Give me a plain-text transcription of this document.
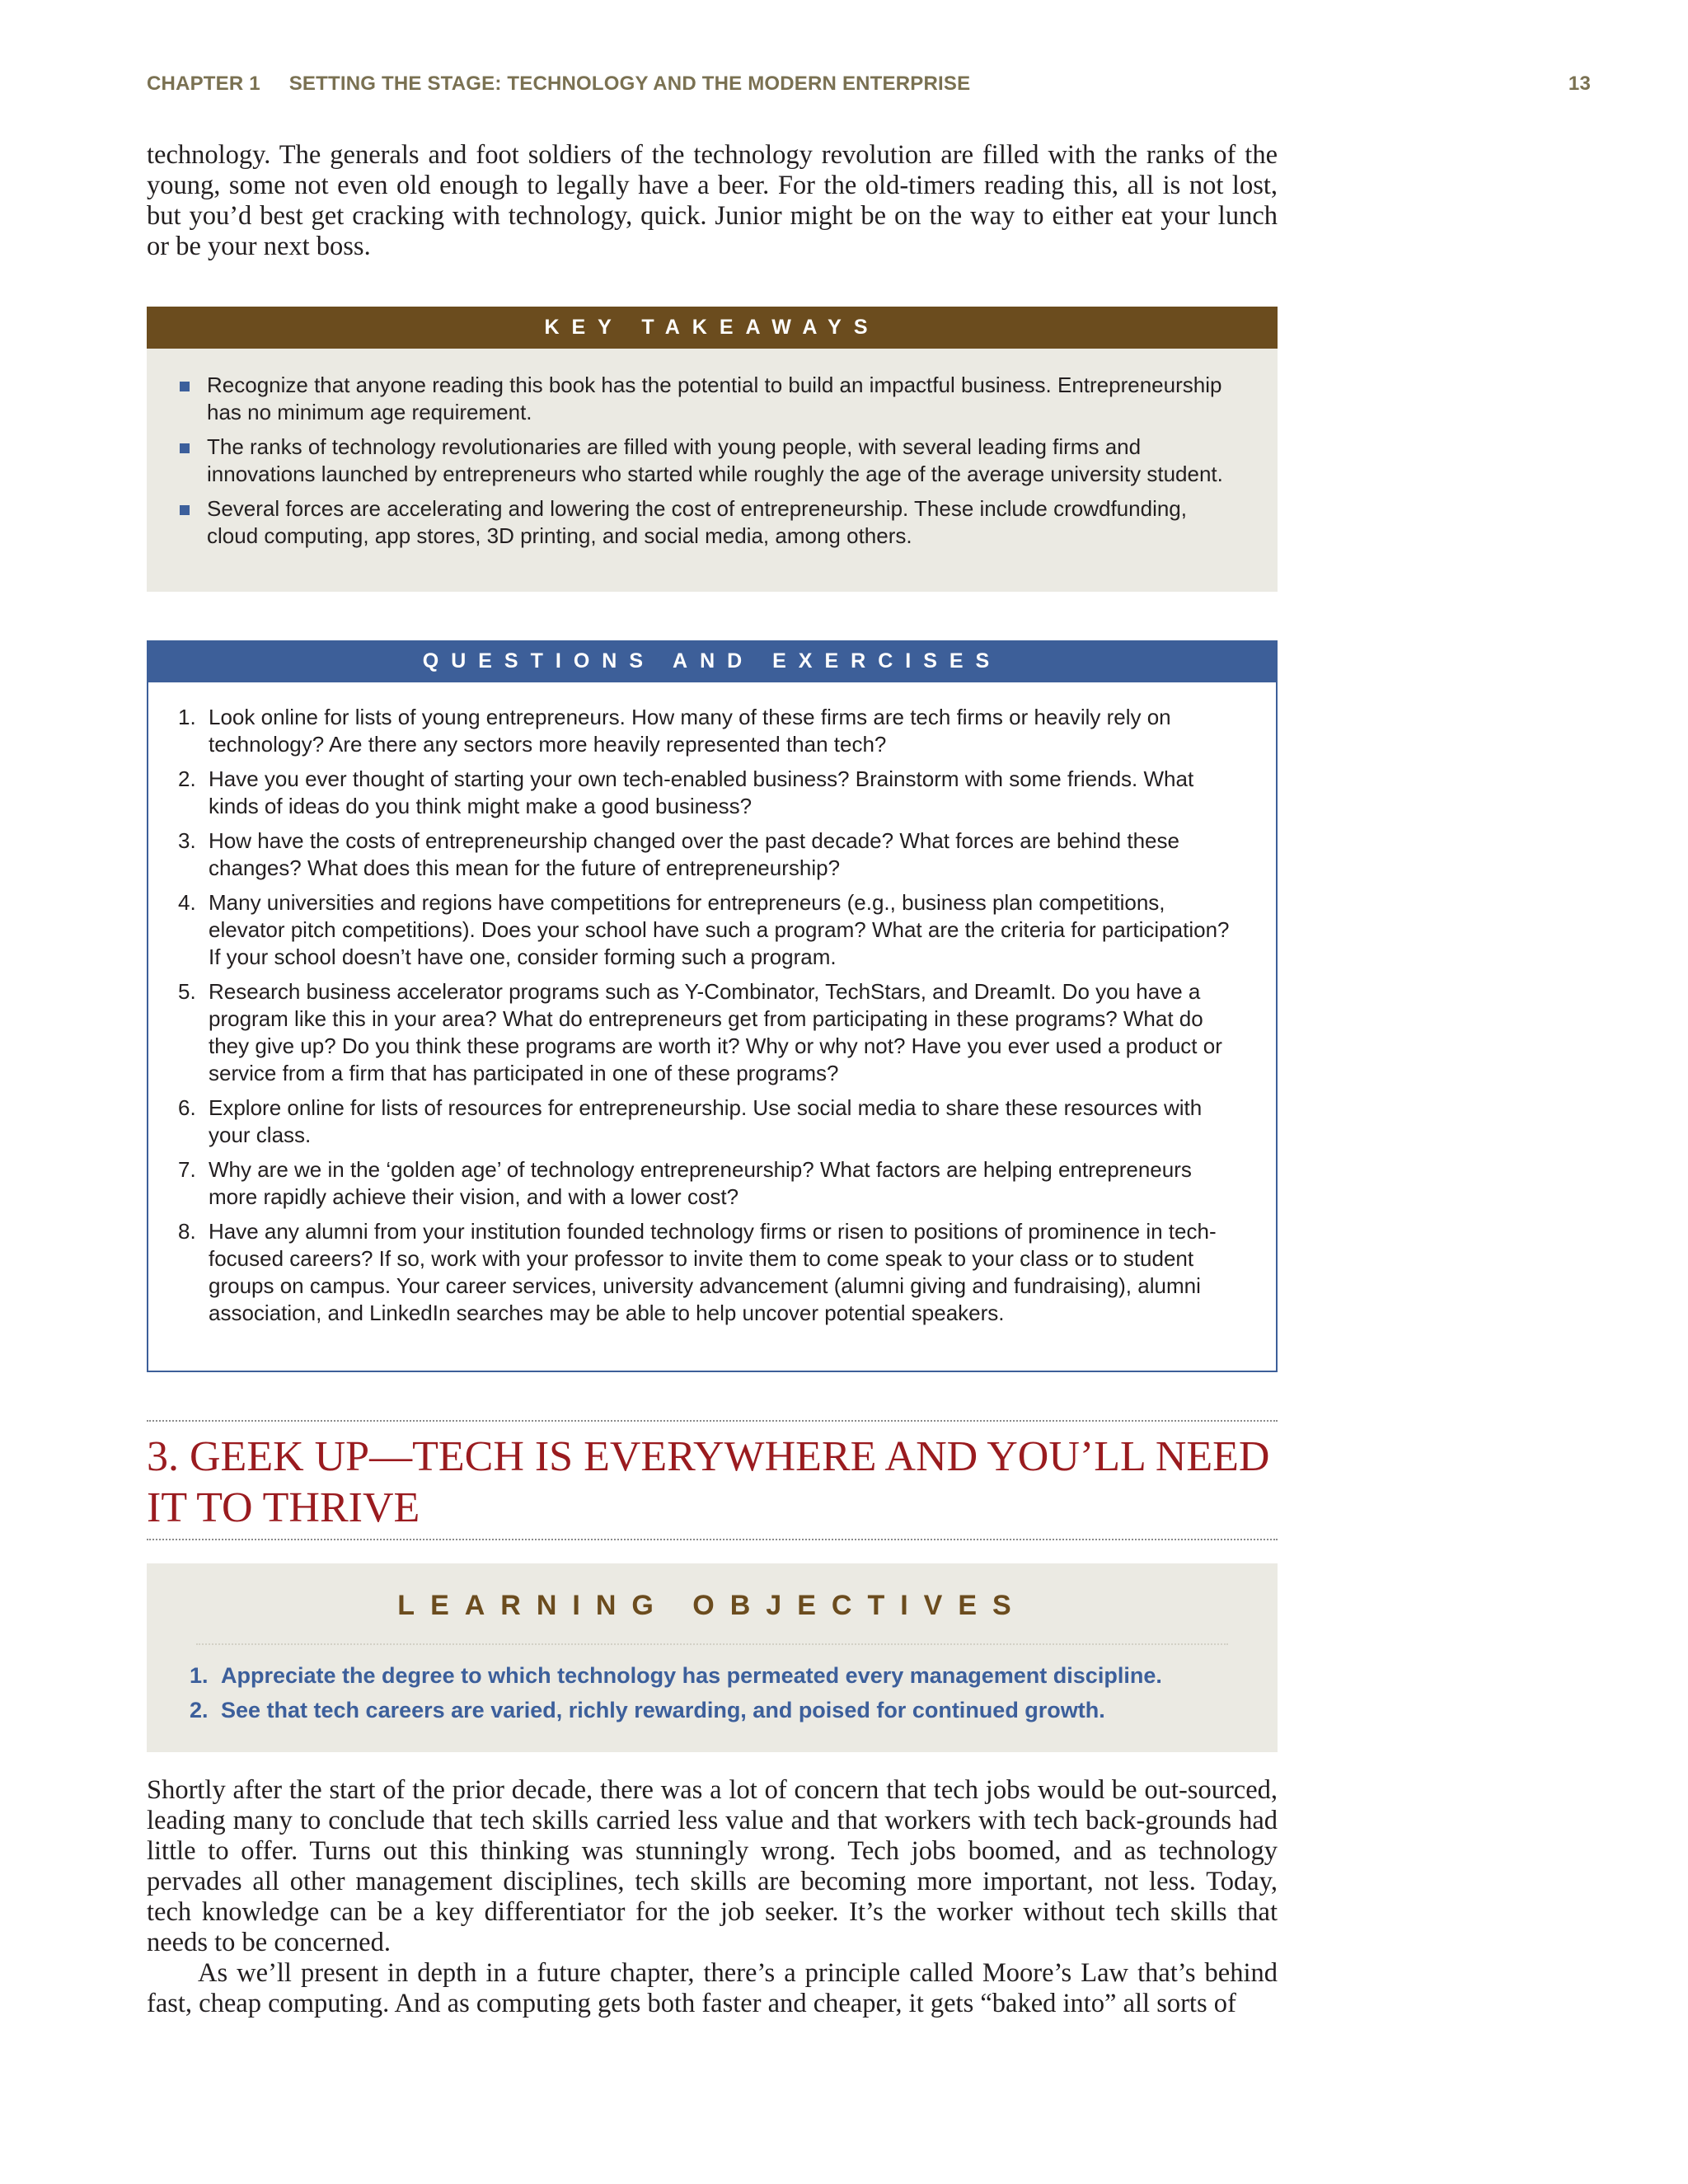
CHAPTER 1 SETTING THE STAGE: TECHNOLOGY AND THE MODERN ENTERPRISE	13

technology. The generals and foot soldiers of the technology revolution are filled with the ranks of the young, some not even old enough to legally have a beer. For the old-timers reading this, all is not lost, but you’d best get cracking with technology, quick. Junior might be on the way to either eat your lunch or be your next boss.

KEY TAKEAWAYS
Recognize that anyone reading this book has the potential to build an impactful business. Entrepreneurship has no minimum age requirement.
The ranks of technology revolutionaries are filled with young people, with several leading firms and innovations launched by entrepreneurs who started while roughly the age of the average university student.
Several forces are accelerating and lowering the cost of entrepreneurship. These include crowdfunding, cloud computing, app stores, 3D printing, and social media, among others.
QUESTIONS AND EXERCISES
1. Look online for lists of young entrepreneurs. How many of these firms are tech firms or heavily rely on technology? Are there any sectors more heavily represented than tech?
2. Have you ever thought of starting your own tech-enabled business? Brainstorm with some friends. What kinds of ideas do you think might make a good business?
3. How have the costs of entrepreneurship changed over the past decade? What forces are behind these changes? What does this mean for the future of entrepreneurship?
4. Many universities and regions have competitions for entrepreneurs (e.g., business plan competitions, elevator pitch competitions). Does your school have such a program? What are the criteria for participation? If your school doesn’t have one, consider forming such a program.
5. Research business accelerator programs such as Y-Combinator, TechStars, and DreamIt. Do you have a program like this in your area? What do entrepreneurs get from participating in these programs? What do they give up? Do you think these programs are worth it? Why or why not? Have you ever used a product or service from a firm that has participated in one of these programs?
6. Explore online for lists of resources for entrepreneurship. Use social media to share these resources with your class.
7. Why are we in the ‘golden age’ of technology entrepreneurship? What factors are helping entrepreneurs more rapidly achieve their vision, and with a lower cost?
8. Have any alumni from your institution founded technology firms or risen to positions of prominence in tech-focused careers? If so, work with your professor to invite them to come speak to your class or to student groups on campus. Your career services, university advancement (alumni giving and fundraising), alumni association, and LinkedIn searches may be able to help uncover potential speakers.
3. GEEK UP—TECH IS EVERYWHERE AND YOU’LL NEED IT TO THRIVE
LEARNING OBJECTIVES
1. Appreciate the degree to which technology has permeated every management discipline.
2. See that tech careers are varied, richly rewarding, and poised for continued growth.

Shortly after the start of the prior decade, there was a lot of concern that tech jobs would be out-sourced, leading many to conclude that tech skills carried less value and that workers with tech back-grounds had little to offer. Turns out this thinking was stunningly wrong. Tech jobs boomed, and as technology pervades all other management disciplines, tech skills are becoming more important, not less. Today, tech knowledge can be a key differentiator for the job seeker. It’s the worker without tech skills that needs to be concerned.

As we’ll present in depth in a future chapter, there’s a principle called Moore’s Law that’s behind fast, cheap computing. And as computing gets both faster and cheaper, it gets “baked into” all sorts of
